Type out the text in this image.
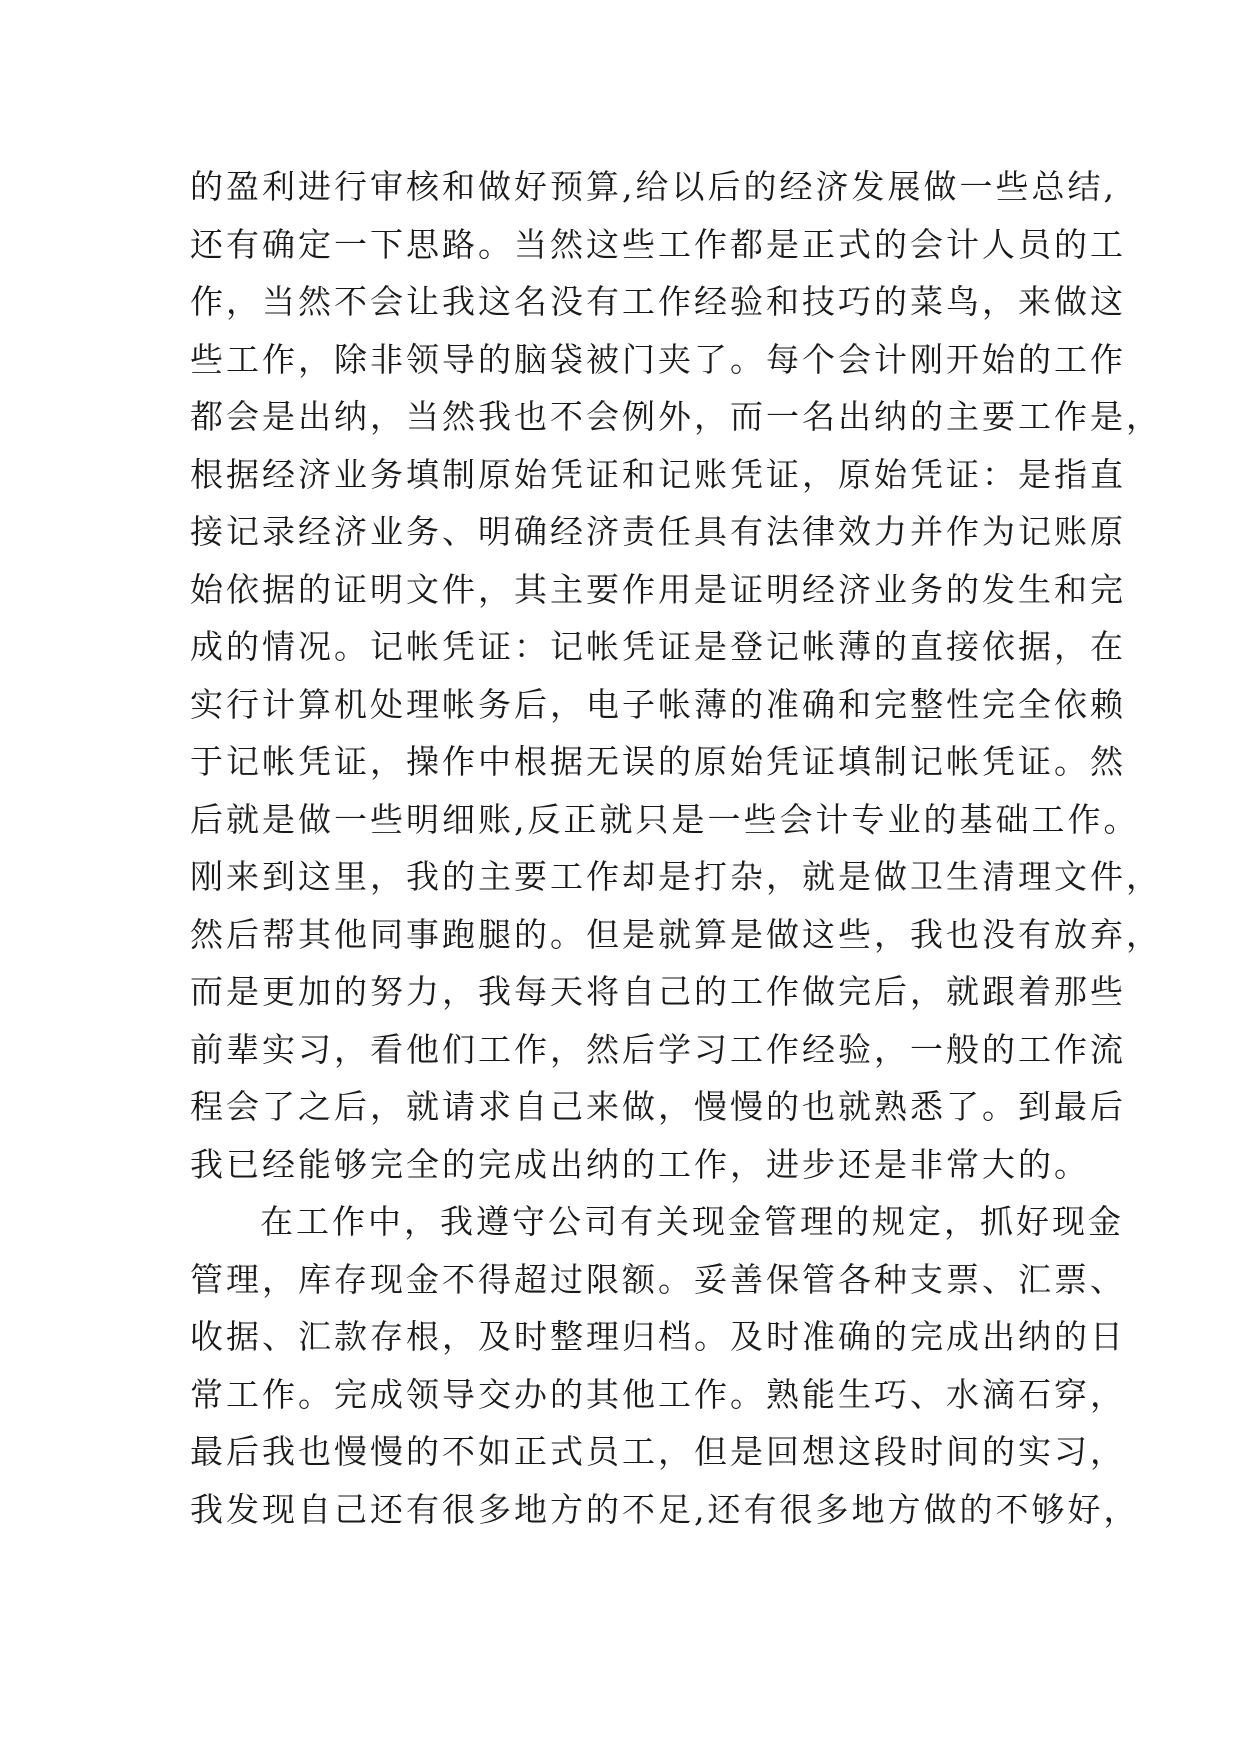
的盈利进行审核和做好预算,给以后的经济发展做一些总结,
还有确定一下思路。当然这些工作都是正式的会计人员的工
作，当然不会让我这名没有工作经验和技巧的菜鸟，来做这
些工作，除非领导的脑袋被门夹了。每个会计刚开始的工作
都会是出纳，当然我也不会例外，而一名出纳的主要工作是，
根据经济业务填制原始凭证和记账凭证，原始凭证：是指直
接记录经济业务、明确经济责任具有法律效力并作为记账原
始依据的证明文件，其主要作用是证明经济业务的发生和完
成的情况。记帐凭证：记帐凭证是登记帐薄的直接依据，在
实行计算机处理帐务后，电子帐薄的准确和完整性完全依赖
于记帐凭证，操作中根据无误的原始凭证填制记帐凭证。然
后就是做一些明细账,反正就只是一些会计专业的基础工作。
刚来到这里，我的主要工作却是打杂，就是做卫生清理文件，
然后帮其他同事跑腿的。但是就算是做这些，我也没有放弃，
而是更加的努力，我每天将自己的工作做完后，就跟着那些
前辈实习，看他们工作，然后学习工作经验，一般的工作流
程会了之后，就请求自己来做，慢慢的也就熟悉了。到最后
我已经能够完全的完成出纳的工作，进步还是非常大的。
在工作中，我遵守公司有关现金管理的规定，抓好现金
管理，库存现金不得超过限额。妥善保管各种支票、汇票、
收据、汇款存根，及时整理归档。及时准确的完成出纳的日
常工作。完成领导交办的其他工作。熟能生巧、水滴石穿，
最后我也慢慢的不如正式员工，但是回想这段时间的实习，
我发现自己还有很多地方的不足,还有很多地方做的不够好，
